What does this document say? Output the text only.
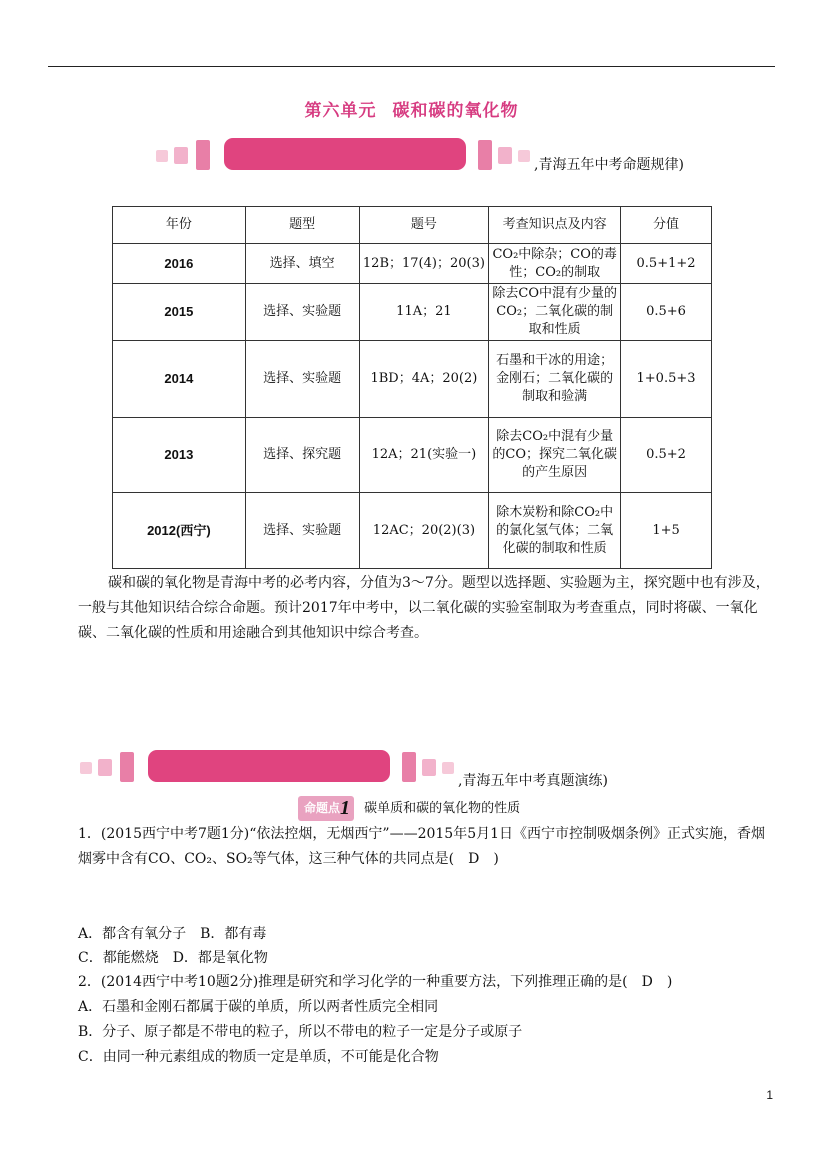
第六单元 碳和碳的氧化物
,青海五年中考命题规律)
年份	题型	题号	考查知识点及内容	分值
2016	选择、填空	12B；17(4)；20(3)	CO₂中除杂；CO的毒性；CO₂的制取	0.5+1+2
2015	选择、实验题	11A；21	除去CO中混有少量的CO₂；二氧化碳的制取和性质	0.5+6
2014	选择、实验题	1BD；4A；20(2)	石墨和干冰的用途；金刚石；二氧化碳的制取和验满	1+0.5+3
2013	选择、探究题	12A；21(实验一)	除去CO₂中混有少量的CO；探究二氧化碳的产生原因	0.5+2
2012(西宁)	选择、实验题	12AC；20(2)(3)	除木炭粉和除CO₂中的氯化氢气体；二氧化碳的制取和性质	1+5
碳和碳的氧化物是青海中考的必考内容，分值为3～7分。题型以选择题、实验题为主，探究题中也有涉及，一般与其他知识结合综合命题。预计2017年中考中，以二氧化碳的实验室制取为考查重点，同时将碳、一氧化碳、二氧化碳的性质和用途融合到其他知识中综合考查。
,青海五年中考真题演练)
命题点1 碳单质和碳的氧化物的性质
1．(2015西宁中考7题1分)“依法控烟，无烟西宁”——2015年5月1日《西宁市控制吸烟条例》正式实施，香烟烟雾中含有CO、CO₂、SO₂等气体，这三种气体的共同点是(　D　)
A．都含有氧分子　B．都有毒
C．都能燃烧　D．都是氧化物
2．(2014西宁中考10题2分)推理是研究和学习化学的一种重要方法，下列推理正确的是(　D　)
A．石墨和金刚石都属于碳的单质，所以两者性质完全相同
B．分子、原子都是不带电的粒子，所以不带电的粒子一定是分子或原子
C．由同一种元素组成的物质一定是单质，不可能是化合物
1
